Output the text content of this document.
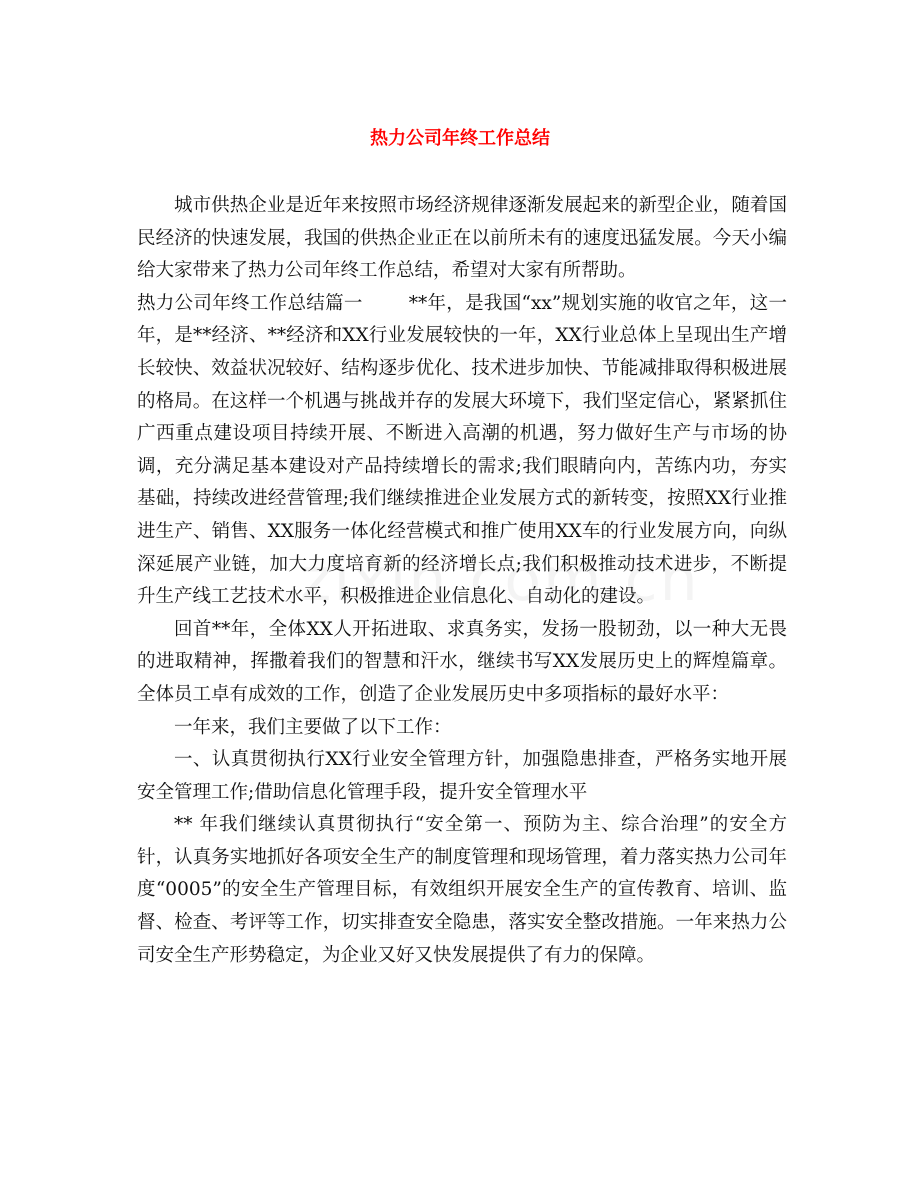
热力公司年终工作总结

城市供热企业是近年来按照市场经济规律逐渐发展起来的新型企业，随着国民经济的快速发展，我国的供热企业正在以前所未有的速度迅猛发展。今天小编给大家带来了热力公司年终工作总结，希望对大家有所帮助。

热力公司年终工作总结篇一 **年，是我国“xx”规划实施的收官之年，这一年，是**经济、**经济和XX行业发展较快的一年，XX行业总体上呈现出生产增长较快、效益状况较好、结构逐步优化、技术进步加快、节能减排取得积极进展的格局。在这样一个机遇与挑战并存的发展大环境下，我们坚定信心，紧紧抓住广西重点建设项目持续开展、不断进入高潮的机遇，努力做好生产与市场的协调，充分满足基本建设对产品持续增长的需求;我们眼睛向内，苦练内功，夯实基础，持续改进经营管理;我们继续推进企业发展方式的新转变，按照XX行业推进生产、销售、XX服务一体化经营模式和推广使用XX车的行业发展方向，向纵深延展产业链，加大力度培育新的经济增长点;我们积极推动技术进步，不断提升生产线工艺技术水平，积极推进企业信息化、自动化的建设。

回首**年，全体XX人开拓进取、求真务实，发扬一股韧劲，以一种大无畏的进取精神，挥撒着我们的智慧和汗水，继续书写XX发展历史上的辉煌篇章。全体员工卓有成效的工作，创造了企业发展历史中多项指标的最好水平：

一年来，我们主要做了以下工作：

一、认真贯彻执行XX行业安全管理方针，加强隐患排查，严格务实地开展安全管理工作;借助信息化管理手段，提升安全管理水平

** 年我们继续认真贯彻执行“安全第一、预防为主、综合治理”的安全方针，认真务实地抓好各项安全生产的制度管理和现场管理，着力落实热力公司年度“0005”的安全生产管理目标，有效组织开展安全生产的宣传教育、培训、监督、检查、考评等工作，切实排查安全隐患，落实安全整改措施。一年来热力公司安全生产形势稳定，为企业又好又快发展提供了有力的保障。
